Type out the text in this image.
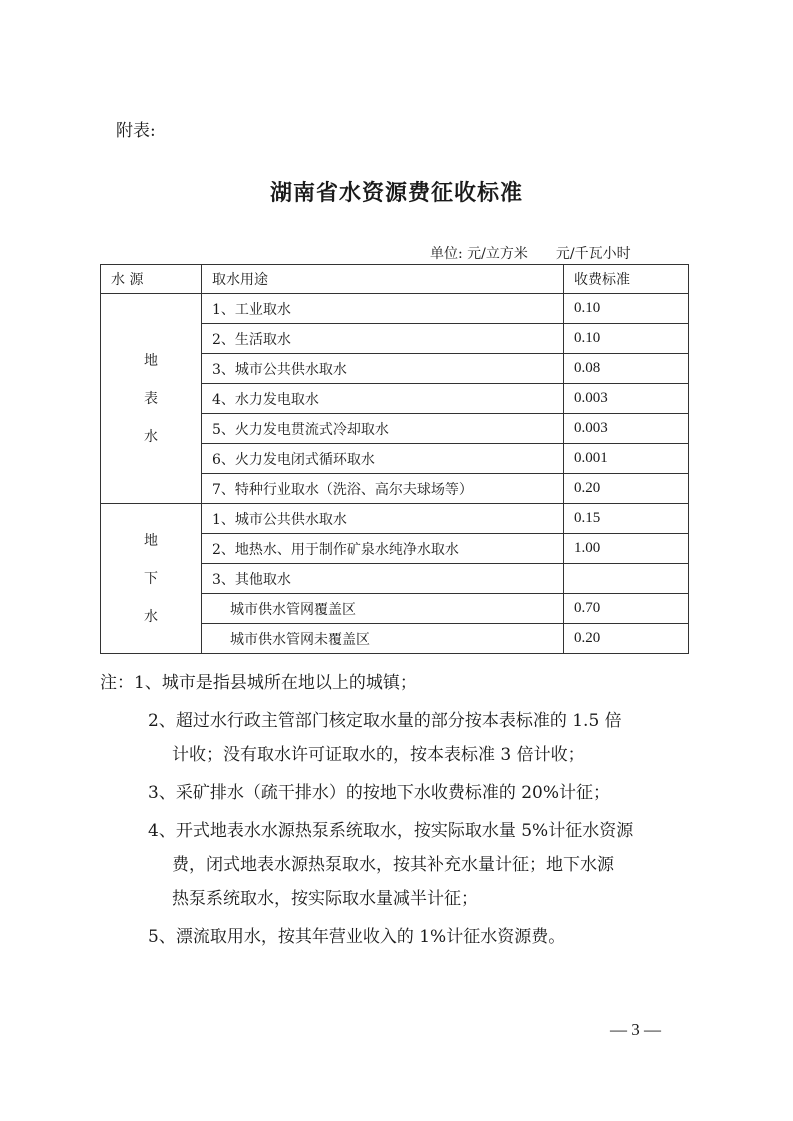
附表:
湖南省水资源费征收标准
单位: 元/立方米 元/千瓦小时
水 源	取水用途	收费标准

地
表
水	1、工业取水	0.10
	2、生活取水	0.10
	3、城市公共供水取水	0.08
	4、水力发电取水	0.003
	5、火力发电贯流式冷却取水	0.003
	6、火力发电闭式循环取水	0.001
	7、特种行业取水（洗浴、高尔夫球场等）	0.20

地
下
水	1、城市公共供水取水	0.15
	2、地热水、用于制作矿泉水纯净水取水	1.00
	3、其他取水	
	城市供水管网覆盖区	0.70
	城市供水管网未覆盖区	0.20

注：1、城市是指县城所在地以上的城镇；

2、超过水行政主管部门核定取水量的部分按本表标准的 1.5 倍

计收；没有取水许可证取水的，按本表标准 3 倍计收；

3、采矿排水（疏干排水）的按地下水收费标准的 20%计征；

4、开式地表水水源热泵系统取水，按实际取水量 5%计征水资源

费，闭式地表水源热泵取水，按其补充水量计征；地下水源

热泵系统取水，按实际取水量减半计征；

5、漂流取用水，按其年营业收入的 1%计征水资源费。

— 3 —
